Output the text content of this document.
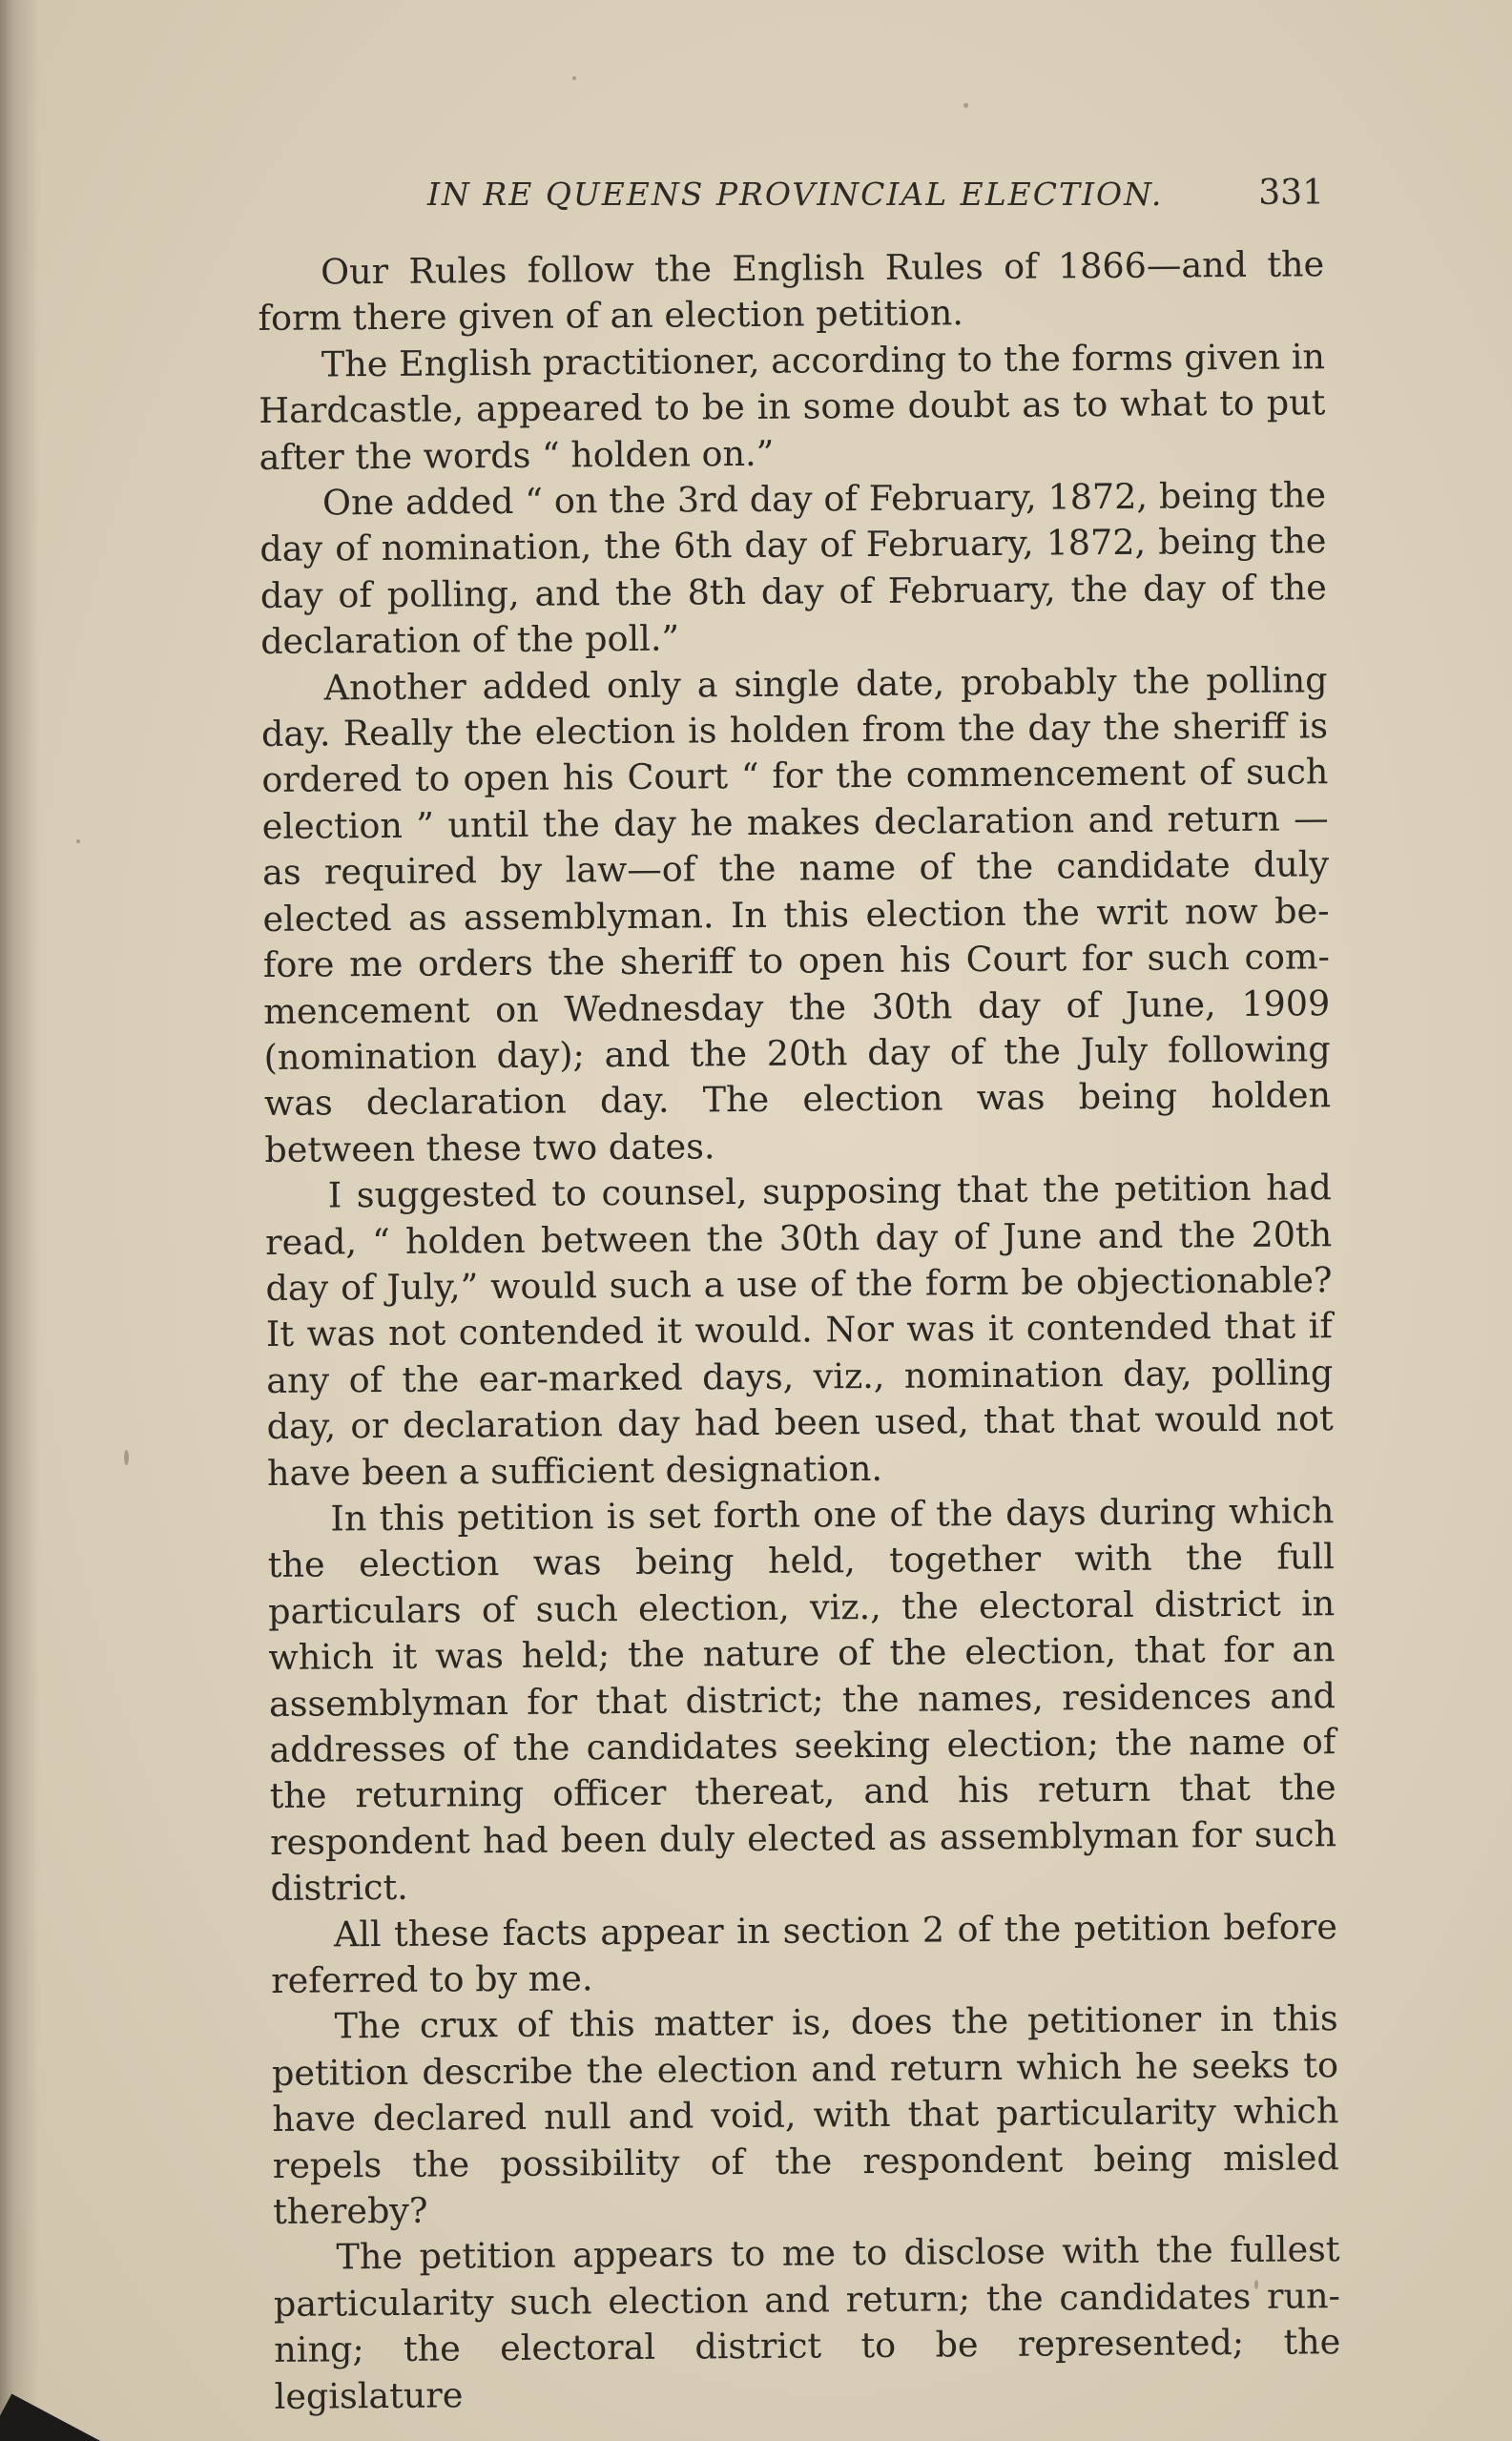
IN RE QUEENS PROVINCIAL ELECTION.	331

Our Rules follow the English Rules of 1866—and the form there given of an election petition.

The English practitioner, according to the forms given in Hardcastle, appeared to be in some doubt as to what to put after the words “ holden on.”

One added “ on the 3rd day of February, 1872, being the day of nomination, the 6th day of February, 1872, being the day of polling, and the 8th day of February, the day of the declaration of the poll.”

Another added only a single date, probably the polling day. Really the election is holden from the day the sheriff is ordered to open his Court “ for the commencement of such election ” until the day he makes declaration and return —as required by law—of the name of the candidate duly elected as assemblyman. In this election the writ now before me orders the sheriff to open his Court for such commencement on Wednesday the 30th day of June, 1909 (nomination day); and the 20th day of the July following was declaration day. The election was being holden between these two dates.

I suggested to counsel, supposing that the petition had read, “ holden between the 30th day of June and the 20th day of July,” would such a use of the form be objectionable? It was not contended it would. Nor was it contended that if any of the ear-marked days, viz., nomination day, polling day, or declaration day had been used, that that would not have been a sufficient designation.

In this petition is set forth one of the days during which the election was being held, together with the full particulars of such election, viz., the electoral district in which it was held; the nature of the election, that for an assemblyman for that district; the names, residences and addresses of the candidates seeking election; the name of the returning officer thereat, and his return that the respondent had been duly elected as assemblyman for such district.

All these facts appear in section 2 of the petition before referred to by me.

The crux of this matter is, does the petitioner in this petition describe the election and return which he seeks to have declared null and void, with that particularity which repels the possibility of the respondent being misled thereby?

The petition appears to me to disclose with the fullest particularity such election and return; the candidates running; the electoral district to be represented; the legislature
